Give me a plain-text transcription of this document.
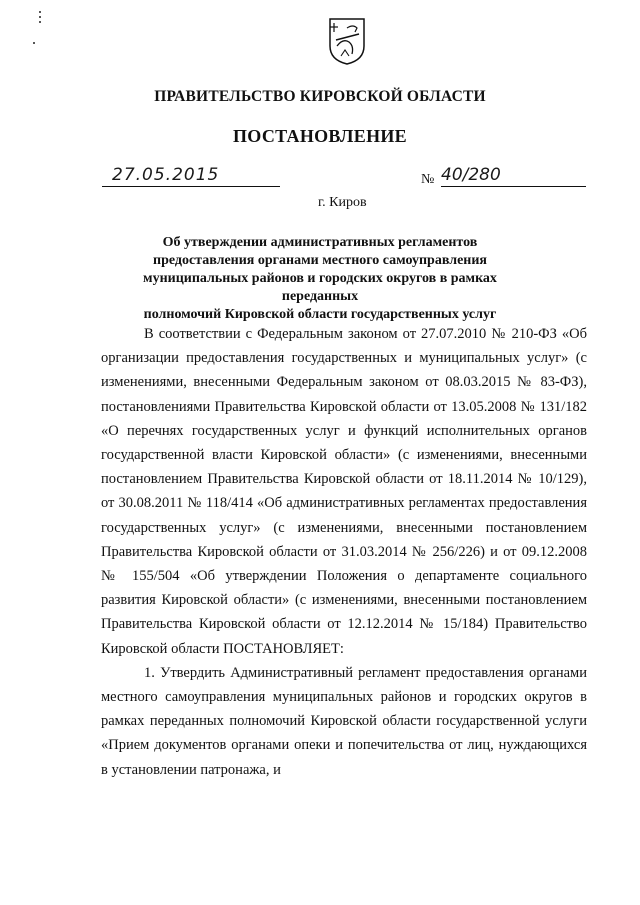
ПРАВИТЕЛЬСТВО КИРОВСКОЙ ОБЛАСТИ
ПОСТАНОВЛЕНИЕ
27.05.2015	№ 40/280
г. Киров
Об утверждении административных регламентов
предоставления органами местного самоуправления
муниципальных районов и городских округов в рамках переданных
полномочий Кировской области государственных услуг

В соответствии с Федеральным законом от 27.07.2010 № 210-ФЗ «Об организации предоставления государственных и муниципальных услуг» (с изменениями, внесенными Федеральным законом от 08.03.2015 № 83-ФЗ), постановлениями Правительства Кировской области от 13.05.2008 № 131/182 «О перечнях государственных услуг и функций исполнительных органов государственной власти Кировской области» (с изменениями, внесенными постановлением Правительства Кировской области от 18.11.2014 № 10/129), от 30.08.2011 № 118/414 «Об административных регламентах предоставления государственных услуг» (с изменениями, внесенными постановлением Правительства Кировской области от 31.03.2014 № 256/226) и от 09.12.2008 № 155/504 «Об утверждении Положения о департаменте социального развития Кировской области» (с изменениями, внесенными постановлением Правительства Кировской области от 12.12.2014 № 15/184) Правительство Кировской области ПОСТАНОВЛЯЕТ:

1. Утвердить Административный регламент предоставления органами местного самоуправления муниципальных районов и городских округов в рамках переданных полномочий Кировской области государственной услуги «Прием документов органами опеки и попечительства от лиц, нуждающихся в установлении патронажа, и
